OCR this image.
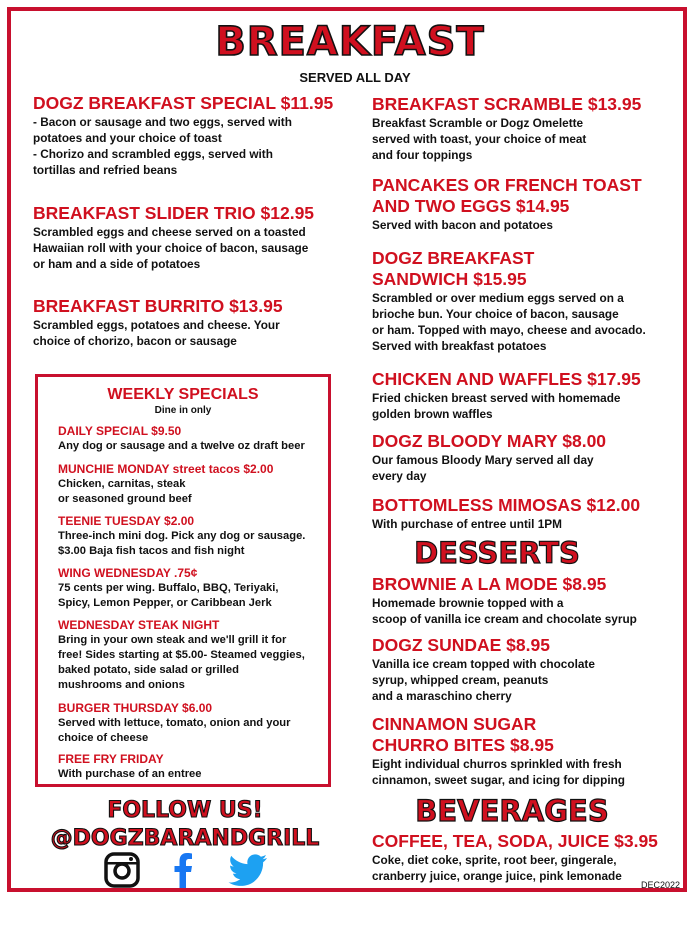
BREAKFAST
SERVED ALL DAY
DOGZ BREAKFAST SPECIAL $11.95

- Bacon or sausage and two eggs, served with
potatoes and your choice of toast
- Chorizo and scrambled eggs, served with
tortillas and refried beans

BREAKFAST SLIDER TRIO $12.95

Scrambled eggs and cheese served on a toasted
Hawaiian roll with your choice of bacon, sausage
or ham and a side of potatoes

BREAKFAST BURRITO $13.95

Scrambled eggs, potatoes and cheese. Your
choice of chorizo, bacon or sausage

WEEKLY SPECIALS
Dine in only
DAILY SPECIAL $9.50

Any dog or sausage and a twelve oz draft beer

MUNCHIE MONDAY street tacos $2.00

Chicken, carnitas, steak
or seasoned ground beef

TEENIE TUESDAY $2.00

Three-inch mini dog. Pick any dog or sausage.
$3.00 Baja fish tacos and fish night

WING WEDNESDAY .75¢

75 cents per wing. Buffalo, BBQ, Teriyaki,
Spicy, Lemon Pepper, or Caribbean Jerk

WEDNESDAY STEAK NIGHT

Bring in your own steak and we'll grill it for
free! Sides starting at $5.00- Steamed veggies,
baked potato, side salad or grilled
mushrooms and onions

BURGER THURSDAY $6.00

Served with lettuce, tomato, onion and your
choice of cheese

FREE FRY FRIDAY

With purchase of an entree

FOLLOW US!
@DOGZBARANDGRILL
BREAKFAST SCRAMBLE $13.95

Breakfast Scramble or Dogz Omelette
served with toast, your choice of meat
and four toppings

PANCAKES OR FRENCH TOAST
AND TWO EGGS $14.95

Served with bacon and potatoes

DOGZ BREAKFAST
SANDWICH $15.95

Scrambled or over medium eggs served on a
brioche bun. Your choice of bacon, sausage
or ham. Topped with mayo, cheese and avocado.
Served with breakfast potatoes

CHICKEN AND WAFFLES $17.95

Fried chicken breast served with homemade
golden brown waffles

DOGZ BLOODY MARY $8.00

Our famous Bloody Mary served all day
every day

BOTTOMLESS MIMOSAS $12.00

With purchase of entree until 1PM

DESSERTS
BROWNIE A LA MODE $8.95

Homemade brownie topped with a
scoop of vanilla ice cream and chocolate syrup

DOGZ SUNDAE $8.95

Vanilla ice cream topped with chocolate
syrup, whipped cream, peanuts
and a maraschino cherry

CINNAMON SUGAR
CHURRO BITES $8.95

Eight individual churros sprinkled with fresh
cinnamon, sweet sugar, and icing for dipping

BEVERAGES
COFFEE, TEA, SODA, JUICE $3.95

Coke, diet coke, sprite, root beer, gingerale,
cranberry juice, orange juice, pink lemonade

DEC2022
